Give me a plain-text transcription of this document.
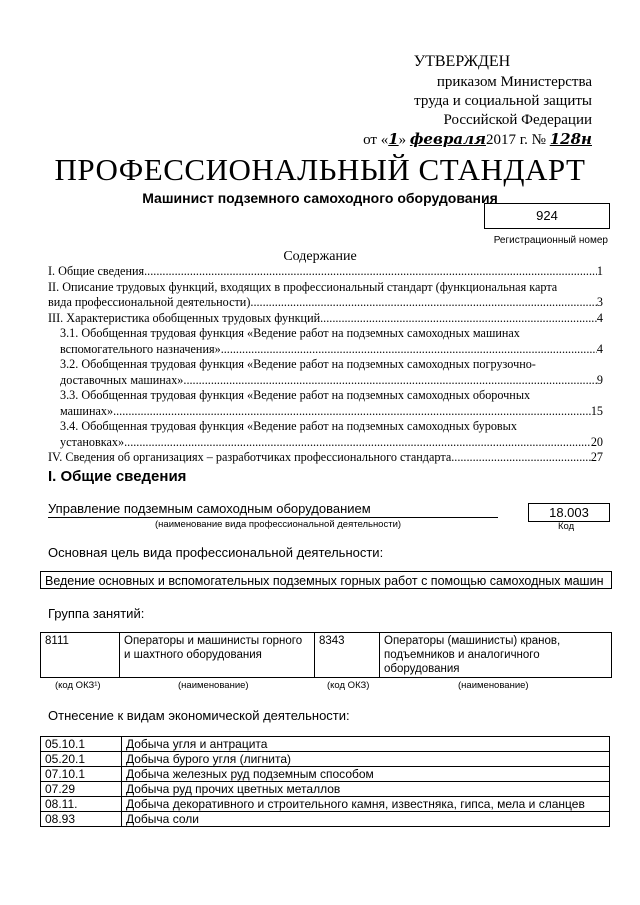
УТВЕРЖДЕН
приказом Министерства
труда и социальной защиты
Российской Федерации
от «1» февраля2017 г. № 128н
ПРОФЕССИОНАЛЬНЫЙ СТАНДАРТ
Машинист подземного самоходного оборудования
924
Регистрационный номер
Содержание
I. Общие сведения .....	1
II. Описание трудовых функций, входящих в профессиональный стандарт (функциональная карта
вида профессиональной деятельности) .....	3
III. Характеристика обобщенных трудовых функций .....	4
3.1. Обобщенная трудовая функция «Ведение работ на подземных самоходных машинах
вспомогательного назначения» .....	4
3.2. Обобщенная трудовая функция «Ведение работ на подземных самоходных погрузочно-
доставочных машинах» .....	9
3.3. Обобщенная трудовая функция «Ведение работ на подземных самоходных оборочных
машинах» .....	15
3.4. Обобщенная трудовая функция «Ведение работ на подземных самоходных буровых
установках» .....	20
IV. Сведения об организациях – разработчиках профессионального стандарта .....	27
I. Общие сведения
Управление подземным самоходным оборудованием
(наименование вида профессиональной деятельности)
18.003
Код
Основная цель вида профессиональной деятельности:
Ведение основных и вспомогательных подземных горных работ с помощью самоходных машин
Группа занятий:
8111	Операторы и машинисты горного и шахтного оборудования	8343	Операторы (машинисты) кранов, подъемников и аналогичного оборудования
(код ОКЗ¹)	(наименование)	(код ОКЗ)	(наименование)
Отнесение к видам экономической деятельности:
05.10.1	Добыча угля и антрацита
05.20.1	Добыча бурого угля (лигнита)
07.10.1	Добыча железных руд подземным способом
07.29	Добыча руд прочих цветных металлов
08.11.	Добыча декоративного и строительного камня, известняка, гипса, мела и сланцев
08.93	Добыча соли
